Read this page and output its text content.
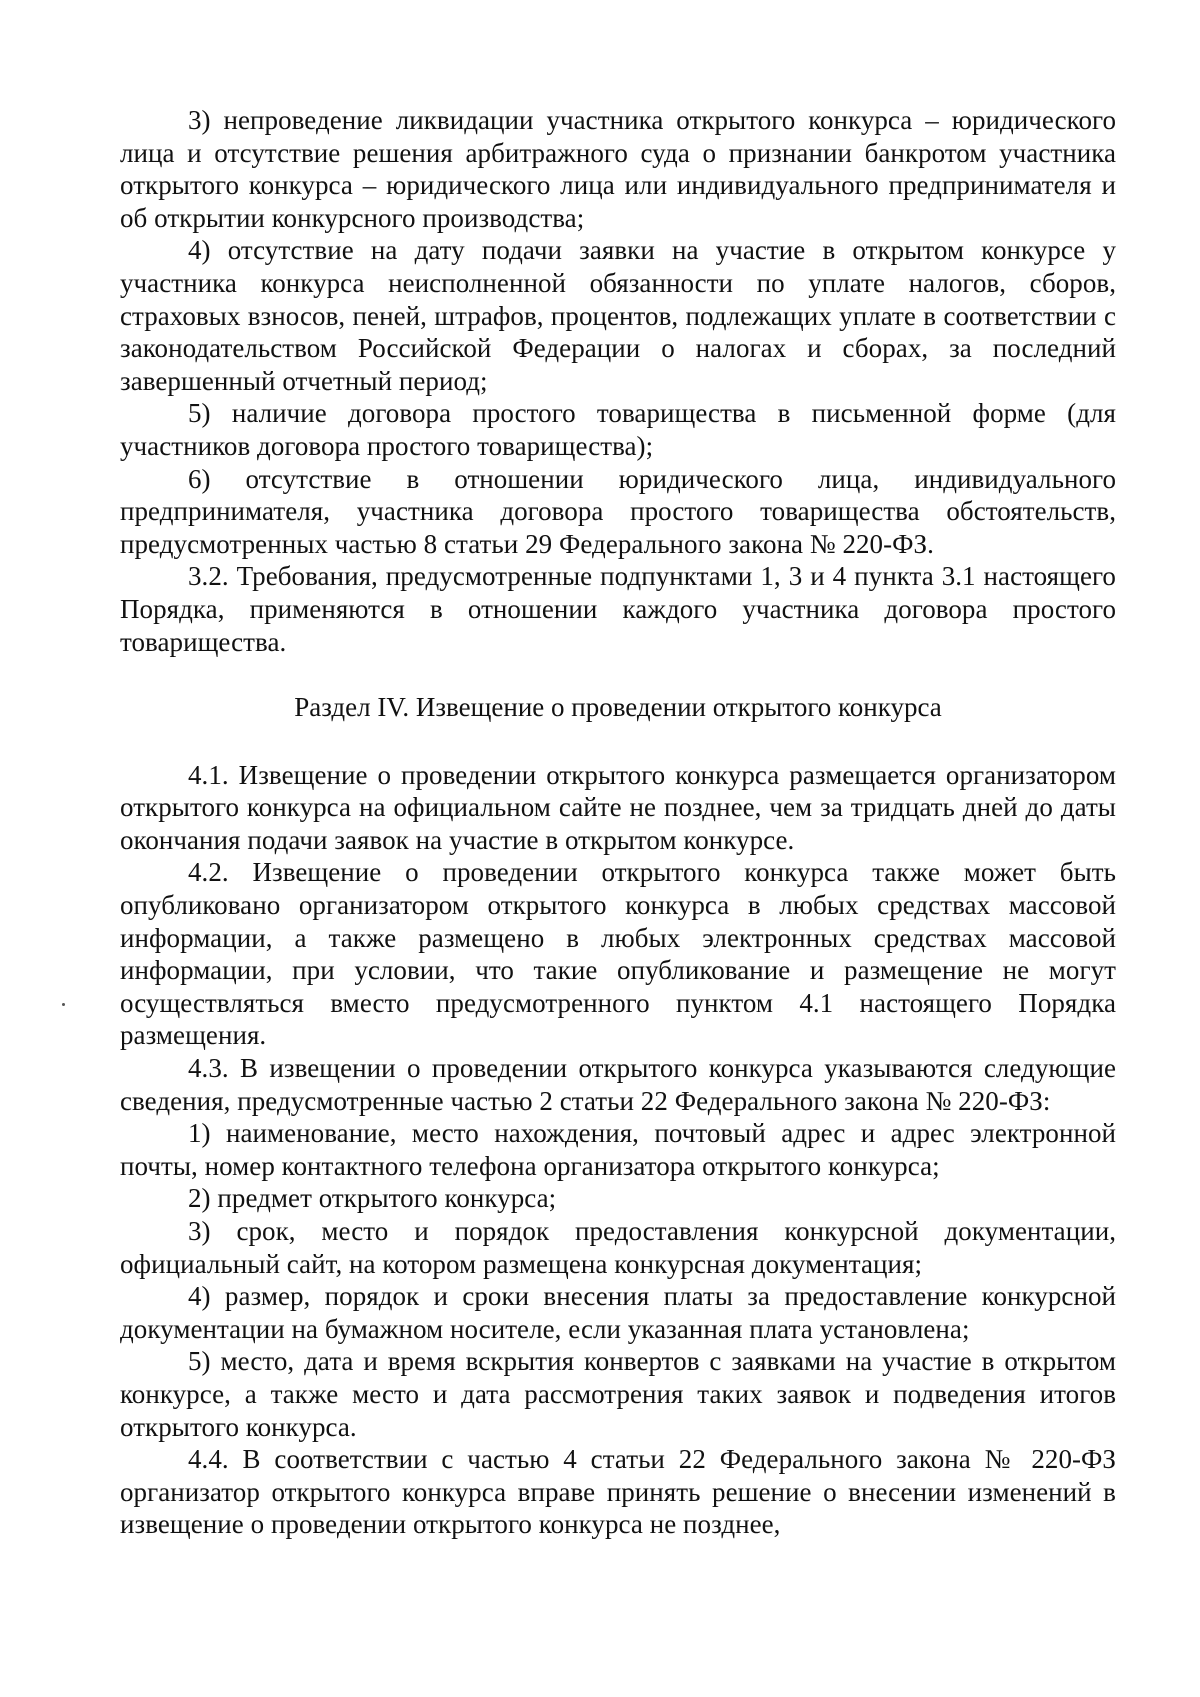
3) непроведение ликвидации участника открытого конкурса – юридического лица и отсутствие решения арбитражного суда о признании банкротом участника открытого конкурса – юридического лица или индивидуального предпринимателя и об открытии конкурсного производства;

4) отсутствие на дату подачи заявки на участие в открытом конкурсе у участника конкурса неисполненной обязанности по уплате налогов, сборов, страховых взносов, пеней, штрафов, процентов, подлежащих уплате в соответствии с законодательством Российской Федерации о налогах и сборах, за последний завершенный отчетный период;

5) наличие договора простого товарищества в письменной форме (для участников договора простого товарищества);

6) отсутствие в отношении юридического лица, индивидуального предпринимателя, участника договора простого товарищества обстоятельств, предусмотренных частью 8 статьи 29 Федерального закона № 220-ФЗ.

3.2. Требования, предусмотренные подпунктами 1, 3 и 4 пункта 3.1 настоящего Порядка, применяются в отношении каждого участника договора простого товарищества.

Раздел IV. Извещение о проведении открытого конкурса

4.1. Извещение о проведении открытого конкурса размещается организатором открытого конкурса на официальном сайте не позднее, чем за тридцать дней до даты окончания подачи заявок на участие в открытом конкурсе.

4.2. Извещение о проведении открытого конкурса также может быть опубликовано организатором открытого конкурса в любых средствах массовой информации, а также размещено в любых электронных средствах массовой информации, при условии, что такие опубликование и размещение не могут осуществляться вместо предусмотренного пунктом 4.1 настоящего Порядка размещения.

4.3. В извещении о проведении открытого конкурса указываются следующие сведения, предусмотренные частью 2 статьи 22 Федерального закона № 220-ФЗ:

1) наименование, место нахождения, почтовый адрес и адрес электронной почты, номер контактного телефона организатора открытого конкурса;

2) предмет открытого конкурса;

3) срок, место и порядок предоставления конкурсной документации, официальный сайт, на котором размещена конкурсная документация;

4) размер, порядок и сроки внесения платы за предоставление конкурсной документации на бумажном носителе, если указанная плата установлена;

5) место, дата и время вскрытия конвертов с заявками на участие в открытом конкурсе, а также место и дата рассмотрения таких заявок и подведения итогов открытого конкурса.

4.4. В соответствии с частью 4 статьи 22 Федерального закона № 220-ФЗ организатор открытого конкурса вправе принять решение о внесении изменений в извещение о проведении открытого конкурса не позднее,
